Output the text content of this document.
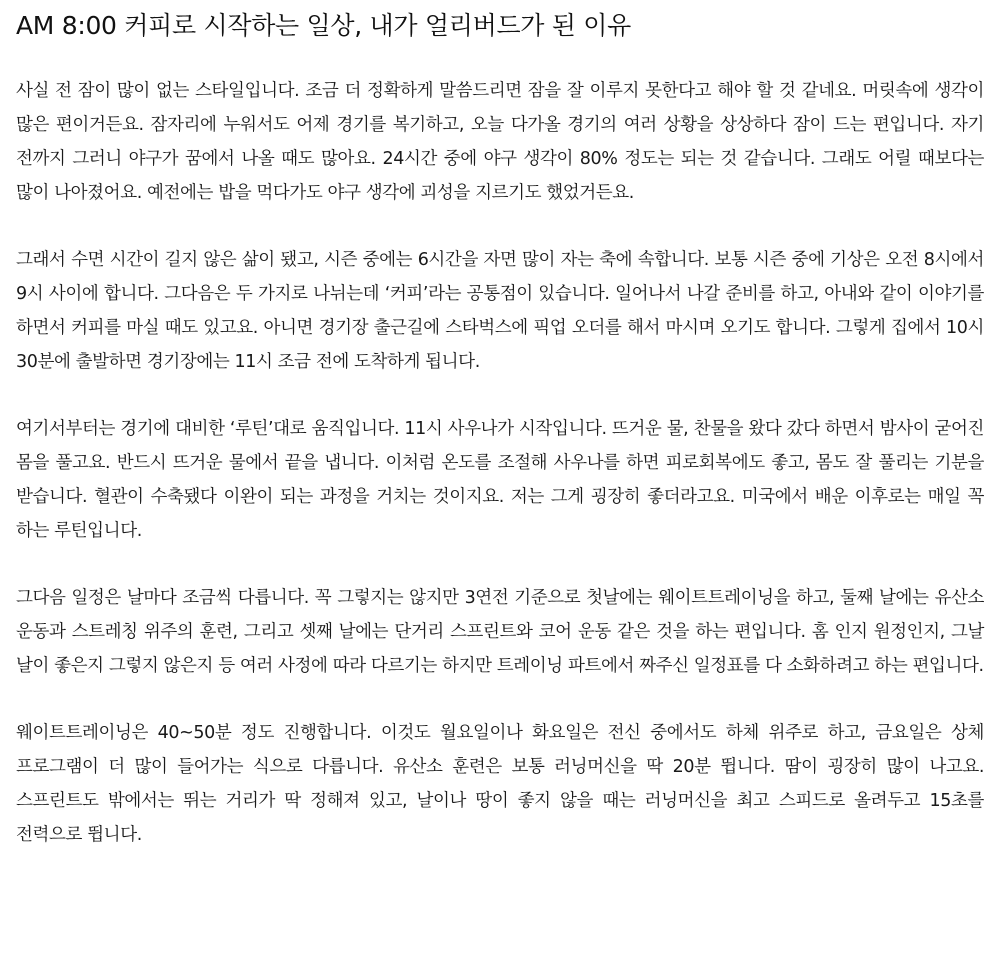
AM 8:00 커피로 시작하는 일상, 내가 얼리버드가 된 이유

사실 전 잠이 많이 없는 스타일입니다. 조금 더 정확하게 말씀드리면 잠을 잘 이루지 못한다고 해야 할 것 같네요. 머릿속에 생각이 많은 편이거든요. 잠자리에 누워서도 어제 경기를 복기하고, 오늘 다가올 경기의 여러 상황을 상상하다 잠이 드는 편입니다. 자기 전까지 그러니 야구가 꿈에서 나올 때도 많아요. 24시간 중에 야구 생각이 80% 정도는 되는 것 같습니다. 그래도 어릴 때보다는 많이 나아졌어요. 예전에는 밥을 먹다가도 야구 생각에 괴성을 지르기도 했었거든요.

그래서 수면 시간이 길지 않은 삶이 됐고, 시즌 중에는 6시간을 자면 많이 자는 축에 속합니다. 보통 시즌 중에 기상은 오전 8시에서 9시 사이에 합니다. 그다음은 두 가지로 나뉘는데 ‘커피’라는 공통점이 있습니다. 일어나서 나갈 준비를 하고, 아내와 같이 이야기를 하면서 커피를 마실 때도 있고요. 아니면 경기장 출근길에 스타벅스에 픽업 오더를 해서 마시며 오기도 합니다. 그렇게 집에서 10시 30분에 출발하면 경기장에는 11시 조금 전에 도착하게 됩니다.

여기서부터는 경기에 대비한 ‘루틴’대로 움직입니다. 11시 사우나가 시작입니다. 뜨거운 물, 찬물을 왔다 갔다 하면서 밤사이 굳어진 몸을 풀고요. 반드시 뜨거운 물에서 끝을 냅니다. 이처럼 온도를 조절해 사우나를 하면 피로회복에도 좋고, 몸도 잘 풀리는 기분을 받습니다. 혈관이 수축됐다 이완이 되는 과정을 거치는 것이지요. 저는 그게 굉장히 좋더라고요. 미국에서 배운 이후로는 매일 꼭 하는 루틴입니다.

그다음 일정은 날마다 조금씩 다릅니다. 꼭 그렇지는 않지만 3연전 기준으로 첫날에는 웨이트트레이닝을 하고, 둘째 날에는 유산소 운동과 스트레칭 위주의 훈련, 그리고 셋째 날에는 단거리 스프린트와 코어 운동 같은 것을 하는 편입니다. 홈 인지 원정인지, 그날 날이 좋은지 그렇지 않은지 등 여러 사정에 따라 다르기는 하지만 트레이닝 파트에서 짜주신 일정표를 다 소화하려고 하는 편입니다.

웨이트트레이닝은 40~50분 정도 진행합니다. 이것도 월요일이나 화요일은 전신 중에서도 하체 위주로 하고, 금요일은 상체 프로그램이 더 많이 들어가는 식으로 다릅니다. 유산소 훈련은 보통 러닝머신을 딱 20분 뜁니다. 땀이 굉장히 많이 나고요. 스프린트도 밖에서는 뛰는 거리가 딱 정해져 있고, 날이나 땅이 좋지 않을 때는 러닝머신을 최고 스피드로 올려두고 15초를 전력으로 뜁니다.
